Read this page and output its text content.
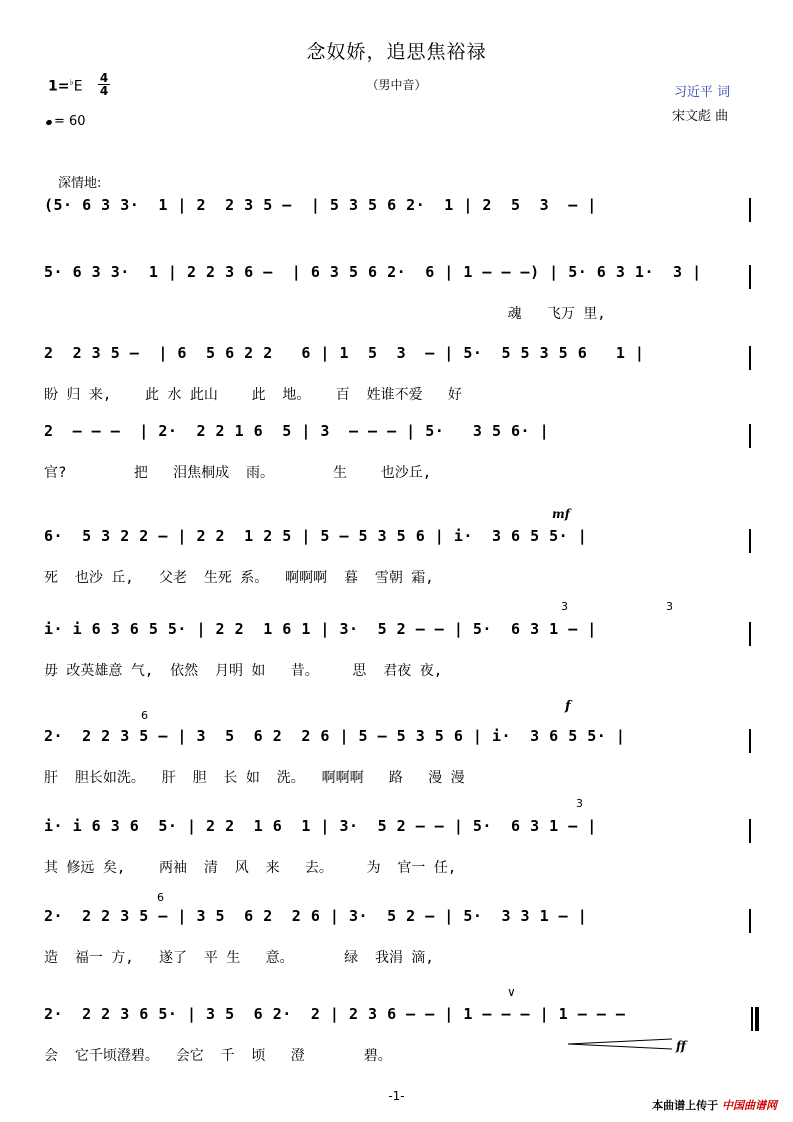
念奴娇，追思焦裕禄
（男中音）
1=♭E
4
4
= 60
习近平 词
宋文彪 曲
深情地:
(5· 6 3 3·  1 | 2  2 3 5 —  | 5 3 5 6 2·  1 | 2  5  3  — |
5· 6 3 3·  1 | 2 2 3 6 —  | 6 3 5 6 2·  6 | 1 — — —) | 5· 6 3 1·  3 |
魂   飞万 里,
2  2 3 5 —  | 6  5 6 2 2   6 | 1  5  3  — | 5·  5 5 3 5 6   1 |
盼 归 来,    此 水 此山    此  地。   百  姓谁不爱   好
2  — — —  | 2·  2 2 1 6  5 | 3  — — — | 5·   3 5 6· |
官?        把   泪焦桐成  雨。       生    也沙丘,
mf
6·  5 3 2 2 — | 2 2  1 2 5 | 5 — 5 3 5 6 | i·  3 6 5 5· |
死  也沙 丘,   父老  生死 系。  啊啊啊  暮  雪朝 霜,
3	3
i· i 6 3 6 5 5· | 2 2  1 6 1 | 3·  5 2 — — | 5·  6 3 1 — |
毋 改英雄意 气,  依然  月明 如   昔。    思  君夜 夜,
6
f
2·  2 2 3 5 — | 3  5  6 2  2 6 | 5 — 5 3 5 6 | i·  3 6 5 5· |
肝  胆长如洗。  肝  胆  长 如  洗。  啊啊啊   路   漫 漫
3
i· i 6 3 6  5· | 2 2  1 6  1 | 3·  5 2 — — | 5·  6 3 1 — |
其 修远 矣,    两袖  清  风  来   去。    为  官一 任,
6
2·  2 2 3 5 — | 3 5  6 2  2 6 | 3·  5 2 — | 5·  3 3 1 — |
造  福一 方,   遂了  平 生   意。      绿  我涓 滴,
∨
2·  2 2 3 6 5· | 3 5  6 2·  2 | 2 3 6 — — | 1 — — — | 1 — — —
会  它千顷澄碧。  会它  千  顷   澄       碧。
ff
-1-
本曲谱上传于 中国曲谱网
